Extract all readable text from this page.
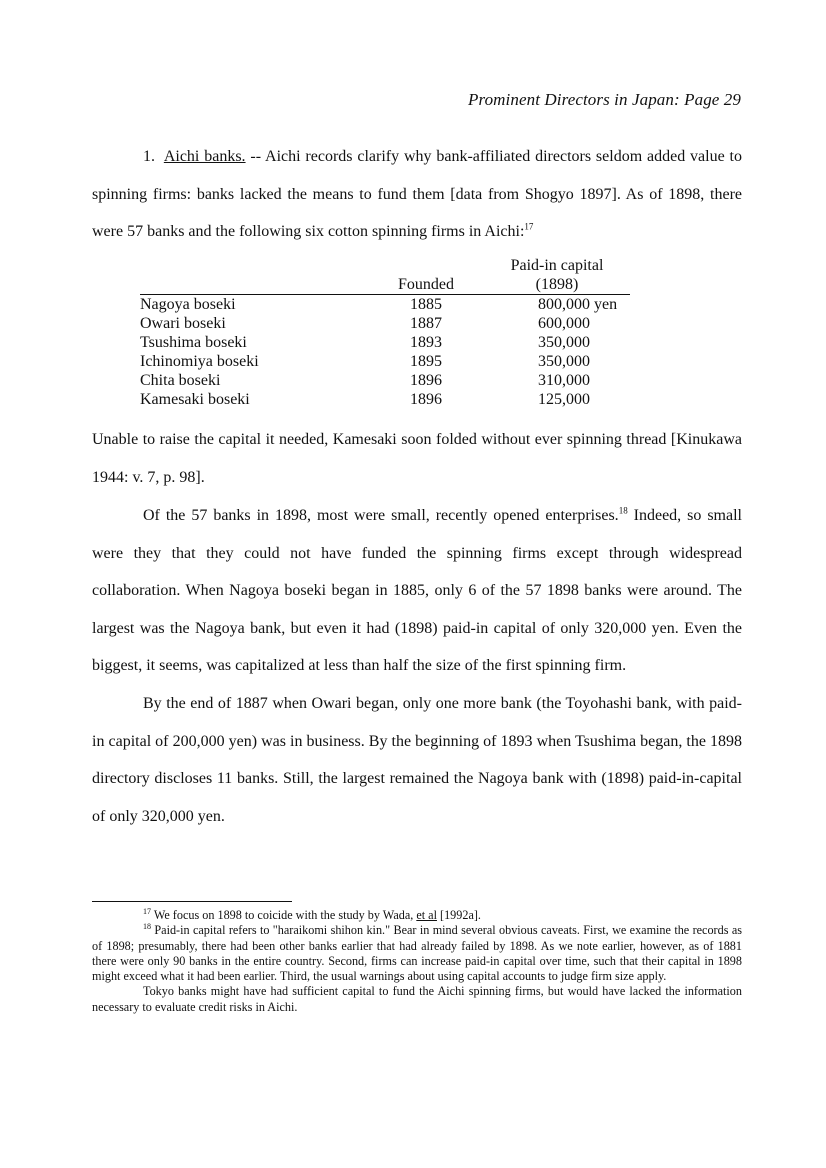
Prominent Directors in Japan: Page 29

1. Aichi banks. -- Aichi records clarify why bank-affiliated directors seldom added value to spinning firms: banks lacked the means to fund them [data from Shogyo 1897]. As of 1898, there were 57 banks and the following six cotton spinning firms in Aichi:$^{17}$

		Paid-in capital
	Founded	(1898)
Nagoya boseki	1885	800,000 yen
Owari boseki	1887	600,000
Tsushima boseki	1893	350,000
Ichinomiya boseki	1895	350,000
Chita boseki	1896	310,000
Kamesaki boseki	1896	125,000

Unable to raise the capital it needed, Kamesaki soon folded without ever spinning thread [Kinukawa 1944: v. 7, p. 98].

Of the 57 banks in 1898, most were small, recently opened enterprises.$^{18}$ Indeed, so small were they that they could not have funded the spinning firms except through widespread collaboration. When Nagoya boseki began in 1885, only 6 of the 57 1898 banks were around. The largest was the Nagoya bank, but even it had (1898) paid-in capital of only 320,000 yen. Even the biggest, it seems, was capitalized at less than half the size of the first spinning firm.

By the end of 1887 when Owari began, only one more bank (the Toyohashi bank, with paid-in capital of 200,000 yen) was in business. By the beginning of 1893 when Tsushima began, the 1898 directory discloses 11 banks. Still, the largest remained the Nagoya bank with (1898) paid-in-capital of only 320,000 yen.

$^{17}$ We focus on 1898 to coicide with the study by Wada, et al [1992a].

$^{18}$ Paid-in capital refers to "haraikomi shihon kin." Bear in mind several obvious caveats. First, we examine the records as of 1898; presumably, there had been other banks earlier that had already failed by 1898. As we note earlier, however, as of 1881 there were only 90 banks in the entire country. Second, firms can increase paid-in capital over time, such that their capital in 1898 might exceed what it had been earlier. Third, the usual warnings about using capital accounts to judge firm size apply.

Tokyo banks might have had sufficient capital to fund the Aichi spinning firms, but would have lacked the information necessary to evaluate credit risks in Aichi.
